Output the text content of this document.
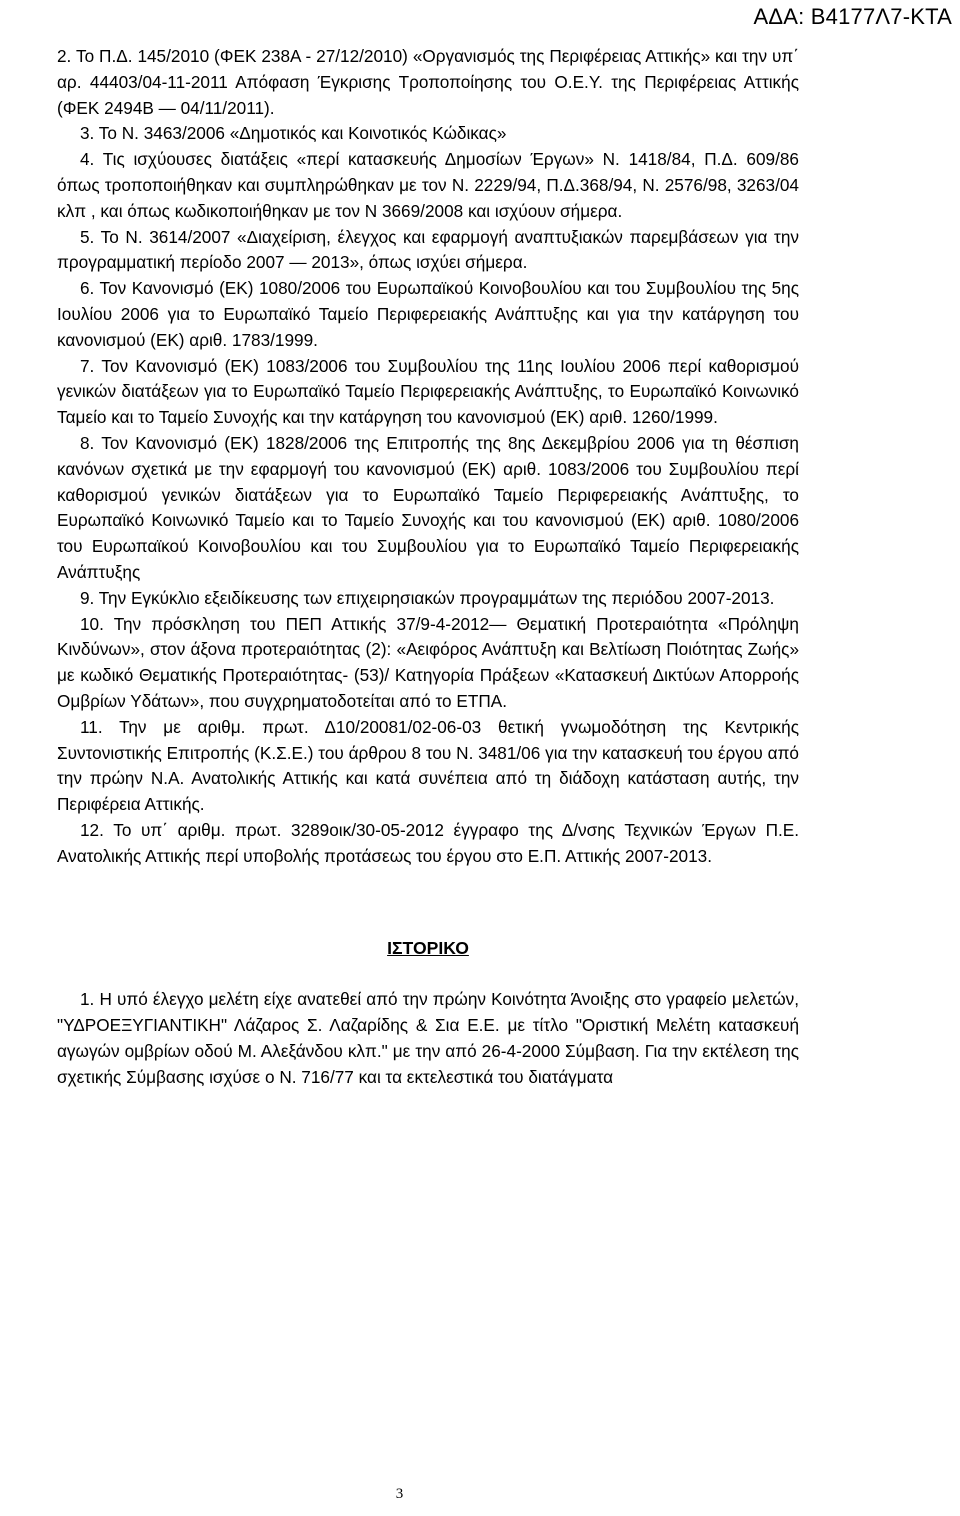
ΑΔΑ: Β4177Λ7-ΚΤΑ

2. Το Π.Δ. 145/2010 (ΦΕΚ 238Α - 27/12/2010) «Οργανισμός της Περιφέρειας Αττικής» και την υπ΄ αρ. 44403/04-11-2011 Απόφαση Έγκρισης Τροποποίησης του Ο.Ε.Υ. της Περιφέρειας Αττικής (ΦΕΚ 2494Β — 04/11/2011).

3. Το Ν. 3463/2006 «Δημοτικός και Κοινοτικός Κώδικας»

4. Τις ισχύουσες διατάξεις «περί κατασκευής Δημοσίων Έργων» Ν. 1418/84, Π.Δ. 609/86 όπως τροποποιήθηκαν και συμπληρώθηκαν με τον Ν. 2229/94, Π.Δ.368/94, Ν. 2576/98, 3263/04 κλπ , και όπως κωδικοποιήθηκαν με τον Ν 3669/2008 και ισχύουν σήμερα.

5. Το Ν. 3614/2007 «Διαχείριση, έλεγχος και εφαρμογή αναπτυξιακών παρεμβάσεων για την προγραμματική περίοδο 2007 — 2013», όπως ισχύει σήμερα.

6. Τον Κανονισμό (ΕΚ) 1080/2006 του Ευρωπαϊκού Κοινοβουλίου και του Συμβουλίου της 5ης Ιουλίου 2006 για το Ευρωπαϊκό Ταμείο Περιφερειακής Ανάπτυξης και για την κατάργηση του κανονισμού (ΕΚ) αριθ. 1783/1999.

7. Τον Κανονισμό (ΕΚ) 1083/2006 του Συμβουλίου της 11ης Ιουλίου 2006 περί καθορισμού γενικών διατάξεων για το Ευρωπαϊκό Ταμείο Περιφερειακής Ανάπτυξης, το Ευρωπαϊκό Κοινωνικό Ταμείο και το Ταμείο Συνοχής και την κατάργηση του κανονισμού (ΕΚ) αριθ. 1260/1999.

8. Τον Κανονισμό (ΕΚ) 1828/2006 της Επιτροπής της 8ης Δεκεμβρίου 2006 για τη θέσπιση κανόνων σχετικά με την εφαρμογή του κανονισμού (ΕΚ) αριθ. 1083/2006 του Συμβουλίου περί καθορισμού γενικών διατάξεων για το Ευρωπαϊκό Ταμείο Περιφερειακής Ανάπτυξης, το Ευρωπαϊκό Κοινωνικό Ταμείο και το Ταμείο Συνοχής και του κανονισμού (ΕΚ) αριθ. 1080/2006 του Ευρωπαϊκού Κοινοβουλίου και του Συμβουλίου για το Ευρωπαϊκό Ταμείο Περιφερειακής Ανάπτυξης

9. Την Εγκύκλιο εξειδίκευσης των επιχειρησιακών προγραμμάτων της περιόδου 2007-2013.

10. Την πρόσκληση του ΠΕΠ Αττικής 37/9-4-2012— Θεματική Προτεραιότητα «Πρόληψη Κινδύνων», στον άξονα προτεραιότητας (2): «Αειφόρος Ανάπτυξη και Βελτίωση Ποιότητας Ζωής» με κωδικό Θεματικής Προτεραιότητας- (53)/ Κατηγορία Πράξεων «Κατασκευή Δικτύων Απορροής Ομβρίων Υδάτων», που συγχρηματοδοτείται από το ΕΤΠΑ.

11. Την με αριθμ. πρωτ. Δ10/20081/02-06-03 θετική γνωμοδότηση της Κεντρικής Συντονιστικής Επιτροπής (Κ.Σ.Ε.) του άρθρου 8 του Ν. 3481/06 για την κατασκευή του έργου από την πρώην Ν.Α. Ανατολικής Αττικής και κατά συνέπεια από τη διάδοχη κατάσταση αυτής, την Περιφέρεια Αττικής.

12. Το υπ΄ αριθμ. πρωτ. 3289οικ/30-05-2012 έγγραφο της Δ/νσης Τεχνικών Έργων Π.Ε. Ανατολικής Αττικής περί υποβολής προτάσεως του έργου στο Ε.Π. Αττικής 2007-2013.

ΙΣΤΟΡΙΚΟ

1. Η υπό έλεγχο μελέτη είχε ανατεθεί από την πρώην Κοινότητα Άνοιξης στο γραφείο μελετών, "ΥΔΡΟΕΞΥΓΙΑΝΤΙΚΗ" Λάζαρος Σ. Λαζαρίδης & Σια Ε.Ε. με τίτλο "Οριστική Μελέτη κατασκευή αγωγών ομβρίων οδού Μ. Αλεξάνδου κλπ." με την από 26-4-2000 Σύμβαση. Για την εκτέλεση της σχετικής Σύμβασης ισχύσε ο Ν. 716/77 και τα εκτελεστικά του διατάγματα

3
